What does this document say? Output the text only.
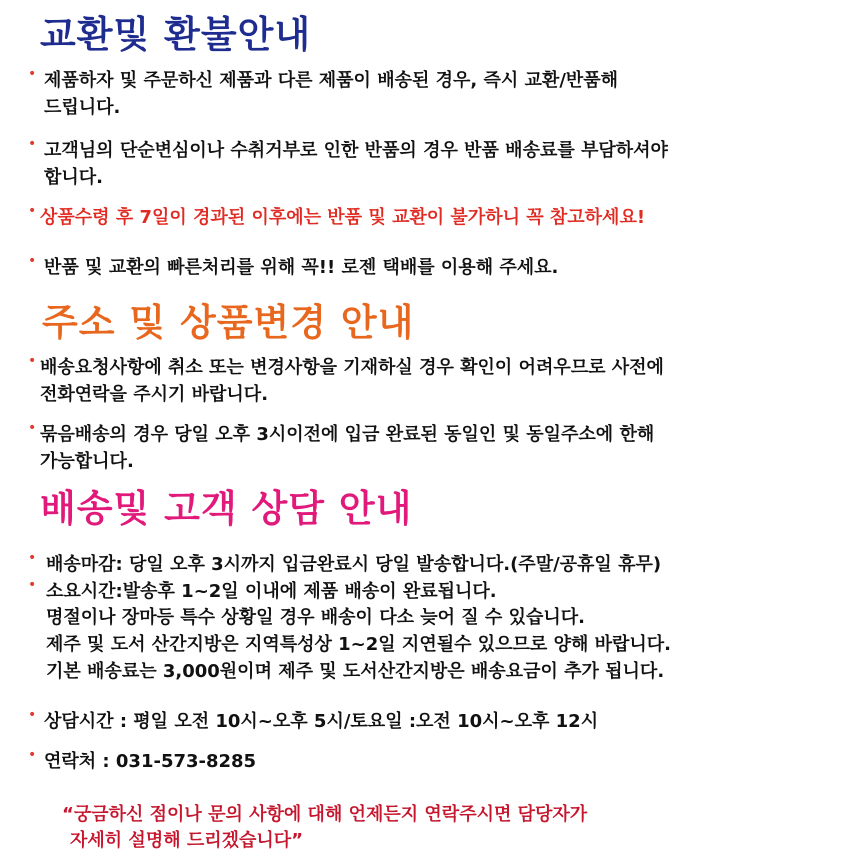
교환및 환불안내
• 제품하자 및 주문하신 제품과 다른 제품이 배송된 경우, 즉시 교환/반품해
드립니다.
• 고객님의 단순변심이나 수취거부로 인한 반품의 경우 반품 배송료를 부담하셔야
합니다.
• 상품수령 후 7일이 경과된 이후에는 반품 및 교환이 불가하니 꼭 참고하세요!
• 반품 및 교환의 빠른처리를 위해 꼭!! 로젠 택배를 이용해 주세요.
주소 및 상품변경 안내
• 배송요청사항에 취소 또는 변경사항을 기재하실 경우 확인이 어려우므로 사전에
전화연락을 주시기 바랍니다.
• 묶음배송의 경우 당일 오후 3시이전에 입금 완료된 동일인 및 동일주소에 한해
가능합니다.
배송및 고객 상담 안내
• 배송마감: 당일 오후 3시까지 입금완료시 당일 발송합니다.(주말/공휴일 휴무)
• 소요시간:발송후 1~2일 이내에 제품 배송이 완료됩니다.
명절이나 장마등 특수 상황일 경우 배송이 다소 늦어 질 수 있습니다.
제주 및 도서 산간지방은 지역특성상 1~2일 지연될수 있으므로 양해 바랍니다.
기본 배송료는 3,000원이며 제주 및 도서산간지방은 배송요금이 추가 됩니다.
• 상담시간 : 평일 오전 10시~오후 5시/토요일 :오전 10시~오후 12시
• 연락처 : 031-573-8285
“궁금하신 점이나 문의 사항에 대해 언제든지 연락주시면 담당자가
자세히 설명해 드리겠습니다”
